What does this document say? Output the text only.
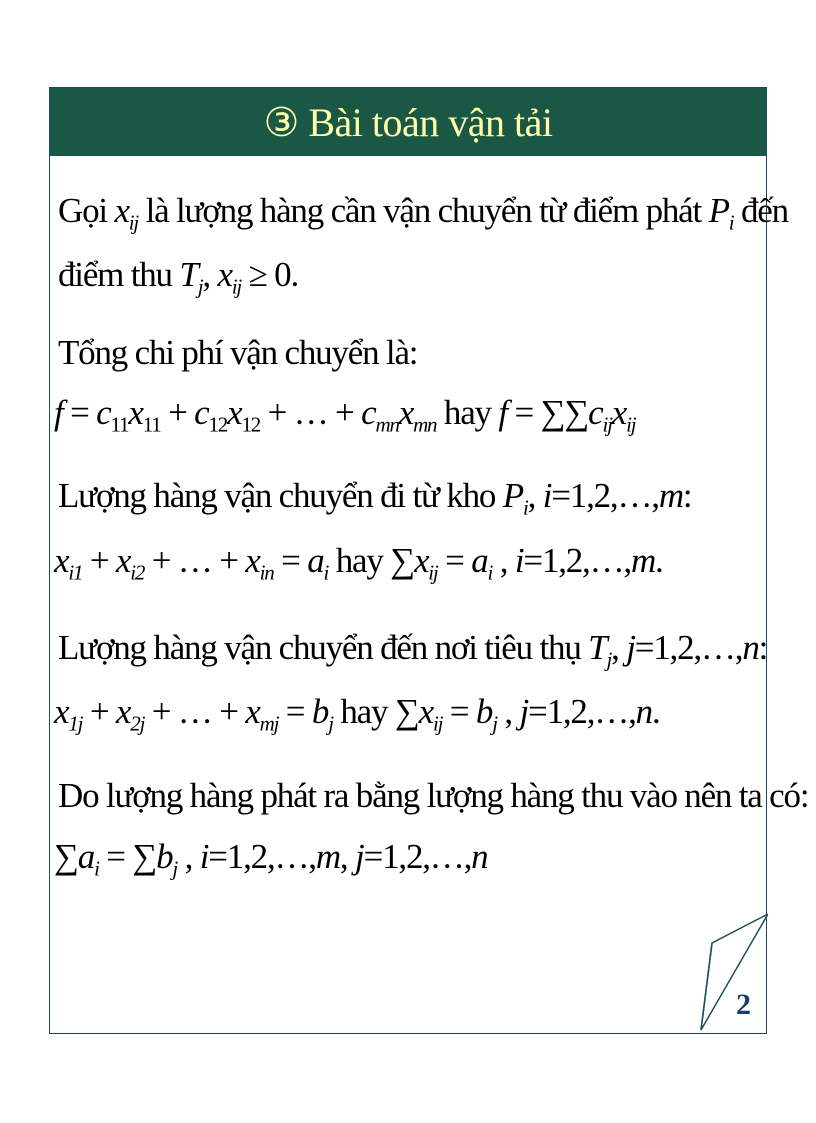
③ Bài toán vận tải
Gọi $x_{ij}$ là lượng hàng cần vận chuyển từ điểm phát $P_i$ đến
điểm thu $T_j$, $x_{ij} \ge 0$.
Tổng chi phí vận chuyển là:
$f = c_{11}x_{11} + c_{12}x_{12}$ + … + $c_{mn}x_{mn}$ hay $f = \sum\sum c_{ij}x_{ij}$
Lượng hàng vận chuyển đi từ kho $P_i$, i=1,2,…,m:
$x_{i1} + x_{i2}$ + … + $x_{in} = a_i$ hay $\sum x_{ij} = a_i$ , i=1,2,…,m.
Lượng hàng vận chuyển đến nơi tiêu thụ $T_j$, j=1,2,…,n:
$x_{1j} + x_{2j}$ + … + $x_{mj} = b_j$ hay $\sum x_{ij} = b_j$ , j=1,2,…,n.
Do lượng hàng phát ra bằng lượng hàng thu vào nên ta có:
$\sum a_i = \sum b_j$ , i=1,2,…,m, j=1,2,…,n
2
